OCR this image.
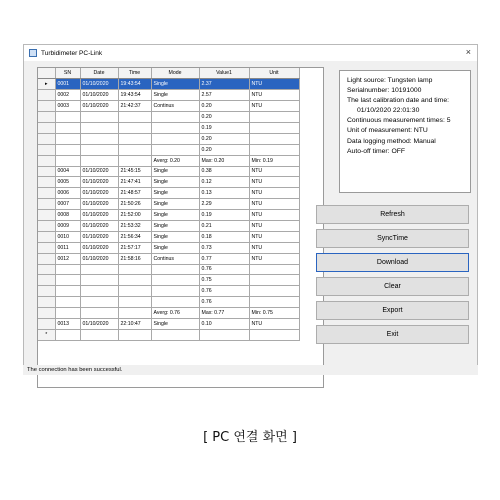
Turbidimeter PC-Link	×
	SN	Date	Time	Mode	Value1	Unit
▸	0001	01/10/2020	19:43:54	Single	2.37	NTU
	0002	01/10/2020	19:43:54	Single	2.57	NTU
	0003	01/10/2020	21:42:37	Continus	0.20	NTU
					0.20	
					0.19	
					0.20	
					0.20	
				Averg: 0.20	Max: 0.20	Min: 0.19
	0004	01/10/2020	21:45:15	Single	0.38	NTU
	0005	01/10/2020	21:47:41	Single	0.12	NTU
	0006	01/10/2020	21:48:57	Single	0.13	NTU
	0007	01/10/2020	21:50:26	Single	2.29	NTU
	0008	01/10/2020	21:52:00	Single	0.19	NTU
	0009	01/10/2020	21:53:32	Single	0.21	NTU
	0010	01/10/2020	21:56:34	Single	0.18	NTU
	0011	01/10/2020	21:57:17	Single	0.73	NTU
	0012	01/10/2020	21:58:16	Continus	0.77	NTU
					0.76	
					0.75	
					0.76	
					0.76	
				Averg: 0.76	Max: 0.77	Min: 0.75
	0013	01/10/2020	22:10:47	Single	0.10	NTU
*						
Light source: Tungsten lamp
Serialnumber: 10191000
The last calibration date and time:
01/10/2020 22:01:30
Continuous measurement times: 5
Unit of measurement: NTU
Data logging method: Manual
Auto-off timer: OFF
Refresh
SyncTime
Download
Clear
Export
Exit
The connection has been successful.
[ PC 연결 화면 ]
